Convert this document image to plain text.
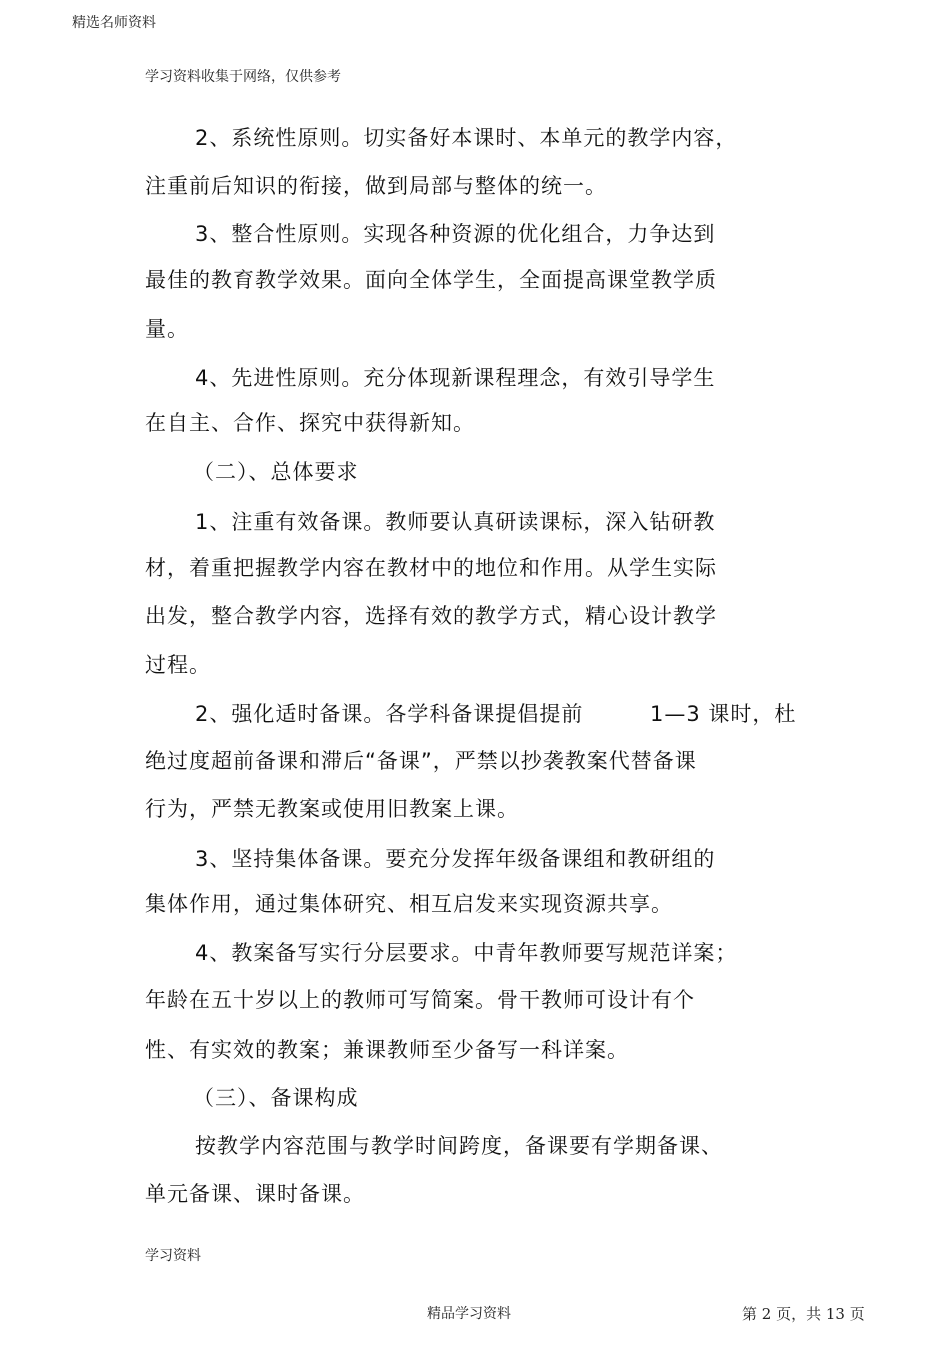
精选名师资料
学习资料收集于网络，仅供参考
2、系统性原则。切实备好本课时、本单元的教学内容，
注重前后知识的衔接，做到局部与整体的统一。
3、整合性原则。实现各种资源的优化组合，力争达到
最佳的教育教学效果。面向全体学生，全面提高课堂教学质
量。
4、先进性原则。充分体现新课程理念，有效引导学生
在自主、合作、探究中获得新知。
（二）、总体要求
1、注重有效备课。教师要认真研读课标，深入钻研教
材，着重把握教学内容在教材中的地位和作用。从学生实际
出发，整合教学内容，选择有效的教学方式，精心设计教学
过程。
2、强化适时备课。各学科备课提倡提前	1—3 课时，杜
绝过度超前备课和滞后“备课”，严禁以抄袭教案代替备课
行为，严禁无教案或使用旧教案上课。
3、坚持集体备课。要充分发挥年级备课组和教研组的
集体作用，通过集体研究、相互启发来实现资源共享。
4、教案备写实行分层要求。中青年教师要写规范详案；
年龄在五十岁以上的教师可写简案。骨干教师可设计有个
性、有实效的教案；兼课教师至少备写一科详案。
（三）、备课构成
按教学内容范围与教学时间跨度，备课要有学期备课、
单元备课、课时备课。
学习资料
精品学习资料	第 2 页，共 13 页
